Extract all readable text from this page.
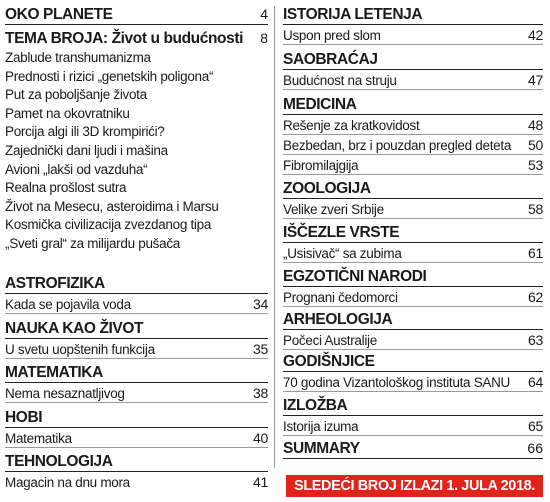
OKO PLANETE	4
TEMA BROJA: Život u budućnosti 8
Zablude transhumanizma
Prednosti i rizici „genetskih poligona“
Put za poboljšanje života
Pamet na okovratniku
Porcija algi ili 3D krompirići?
Zajednički dani ljudi i mašina
Avioni „lakši od vazduha“
Realna prošlost sutra
Život na Mesecu, asteroidima i Marsu
Kosmička civilizacija zvezdanog tipa
„Sveti gral“ za milijardu pušača
ASTROFIZIKA
Kada se pojavila voda	34
NAUKA KAO ŽIVOT
U svetu uopštenih funkcija	35
MATEMATIKA
Nema nesaznatljivog	38
HOBI
Matematika	40
TEHNOLOGIJA
Magacin na dnu mora	41
ISTORIJA LETENJA
Uspon pred slom	42
SAOBRAĆAJ
Budućnost na struju	47
MEDICINA
Rešenje za kratkovidost	48
Bezbedan, brz i pouzdan pregled deteta 50
Fibromilajgija	53
ZOOLOGIJA
Velike zveri Srbije	58
IŠČEZLE VRSTE
„Usisivač“ sa zubima	61
EGZOTIČNI NARODI
Prognani čedomorci	62
ARHEOLOGIJA
Počeci Australije	63
GODIŠNJICE
70 godina Vizantološkog instituta SANU 64
IZLOŽBA
Istorija izuma	65
SUMMARY	66
SLEDEĆI BROJ IZLAZI 1. JULA 2018.
